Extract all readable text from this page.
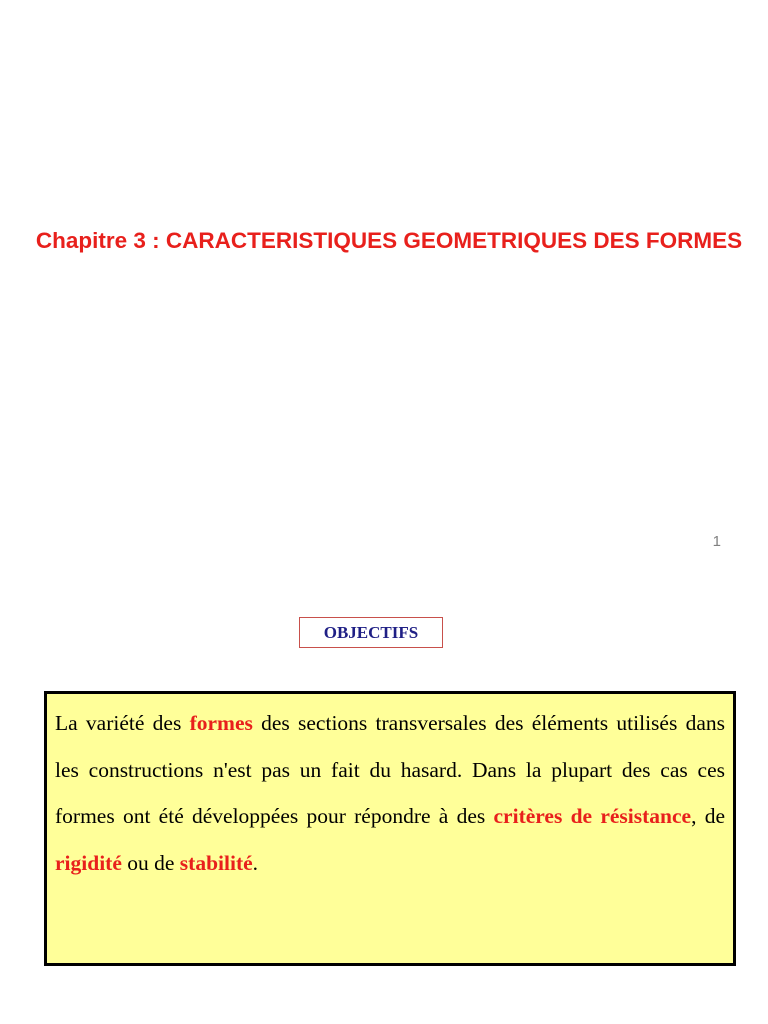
Chapitre 3 : CARACTERISTIQUES GEOMETRIQUES DES FORMES
1
OBJECTIFS

La variété des formes des sections transversales des éléments utilisés dans les constructions n'est pas un fait du hasard. Dans la plupart des cas ces formes ont été développées pour répondre à des critères de résistance, de rigidité ou de stabilité.
